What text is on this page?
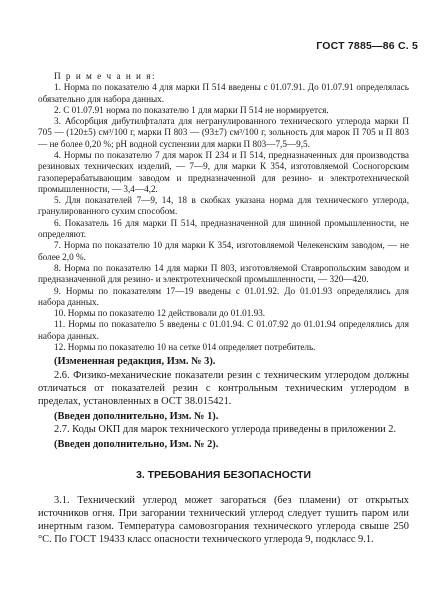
ГОСТ 7885—86 С. 5
П р и м е ч а н и я:

1. Норма по показателю 4 для марки П 514 введены с 01.07.91. До 01.07.91 определялась обязательно для набора данных.

2. С 01.07.91 норма по показателю 1 для марки П 514 не нормируется.

3. Абсорбция дибутилфталата для негранулированного технического углерода марки П 705 — (120±5) см³/100 г, марки П 803 — (93±7) см³/100 г, зольность для марок П 705 и П 803 — не более 0,20 %; pH водной суспензии для марки П 803—7,5—9,5.

4. Нормы по показателю 7 для марок П 234 и П 514, предназначенных для производства резиновых технических изделий, — 7—9, для марки К 354, изготовляемой Сосногорским газоперерабатывающим заводом и предназначенной для резино- и электротехнической промышленности, — 3,4—4,2.

5. Для показателей 7—9, 14, 18 в скобках указана норма для технического углерода, гранулированного сухим способом.

6. Показатель 16 для марки П 514, предназначенной для шинной промышленности, не определяют.

7. Норма по показателю 10 для марки К 354, изготовляемой Челекенским заводом, — не более 2,0 %.

8. Норма по показателю 14 для марки П 803, изготовляемой Ставропольским заводом и предназначенной для резино- и электротехнической промышленности, — 320—420.

9. Нормы по показателям 17—19 введены с 01.01.92. До 01.01.93 определялись для набора данных.

10. Нормы по показателю 12 действовали до 01.01.93.

11. Нормы по показателю 5 введены с 01.01.94. С 01.07.92 до 01.01.94 определялись для набора данных.

12. Нормы по показателю 10 на сетке 014 определяет потребитель.

(Измененная редакция, Изм. № 3).

2.6. Физико-механические показатели резин с техническим углеродом должны отличаться от показателей резин с контрольным техническим углеродом в пределах, установленных в ОСТ 38.015421.

(Введен дополнительно, Изм. № 1).

2.7. Коды ОКП для марок технического углерода приведены в приложении 2.

(Введен дополнительно, Изм. № 2).

3. ТРЕБОВАНИЯ БЕЗОПАСНОСТИ

3.1. Технический углерод может загораться (без пламени) от открытых источников огня. При загорании технический углерод следует тушить паром или инертным газом. Температура самовозгорания технического углерода свыше 250 °С. По ГОСТ 19433 класс опасности технического углерода 9, подкласс 9.1.
